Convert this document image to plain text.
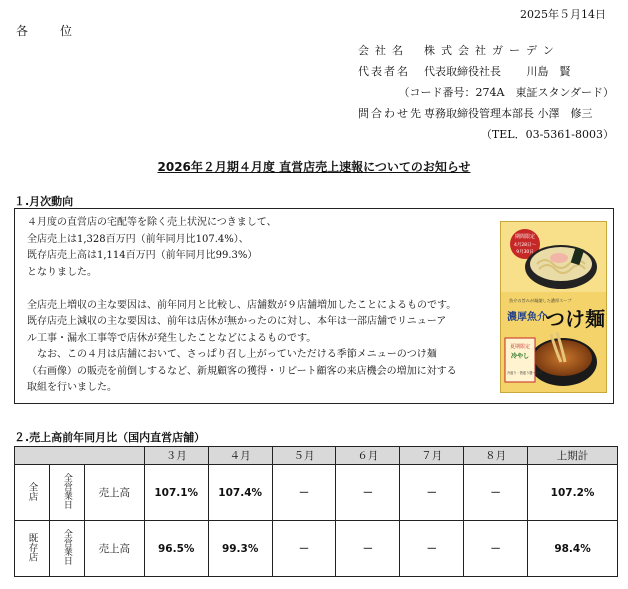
2025年５月14日
各　位
会社名	株式会社ガーデン
代表者名	代表取締役社長　　 川島　賢
（コード番号：274A　東証スタンダード）
問合わせ先 専務取締役管理本部長 小澤　修三
（TEL．03-5361-8003）
2026年２月期４月度 直営店売上速報についてのお知らせ
１.月次動向
４月度の直営店の宅配等を除く売上状況につきまして、
全店売上は1,328百万円（前年同月比107.4%）、
既存店売上高は1,114百万円（前年同月比99.3%）
となりました。
全店売上増収の主な要因は、前年同月と比較し、店舗数が９店舗増加したことによるものです。
既存店売上減収の主な要因は、前年は店休が無かったのに対し、本年は一部店舗でリニューア
ル工事・漏水工事等で店休が発生したことなどによるものです。
　なお、この４月は店舗において、さっぱり召し上がっていただける季節メニューのつけ麺
（右画像）の販売を前倒しするなど、新規顧客の獲得・リピート顧客の来店機会の増加に対する
取組を行いました。
期間限定
4月28日〜
9月30日
魚介の旨みが凝縮した濃厚スープ
濃厚魚介
つけ麺
夏期限定
冷やし
冷盛り・熱盛り選べます
２.売上高前年同月比（国内直営店舗）
			３月	４月	５月	６月	７月	８月	上期計
全店	全営業日	売上高	107.1%	107.4%	－	－	－	－	107.2%
既存店	全営業日	売上高	96.5%	99.3%	－	－	－	－	98.4%
